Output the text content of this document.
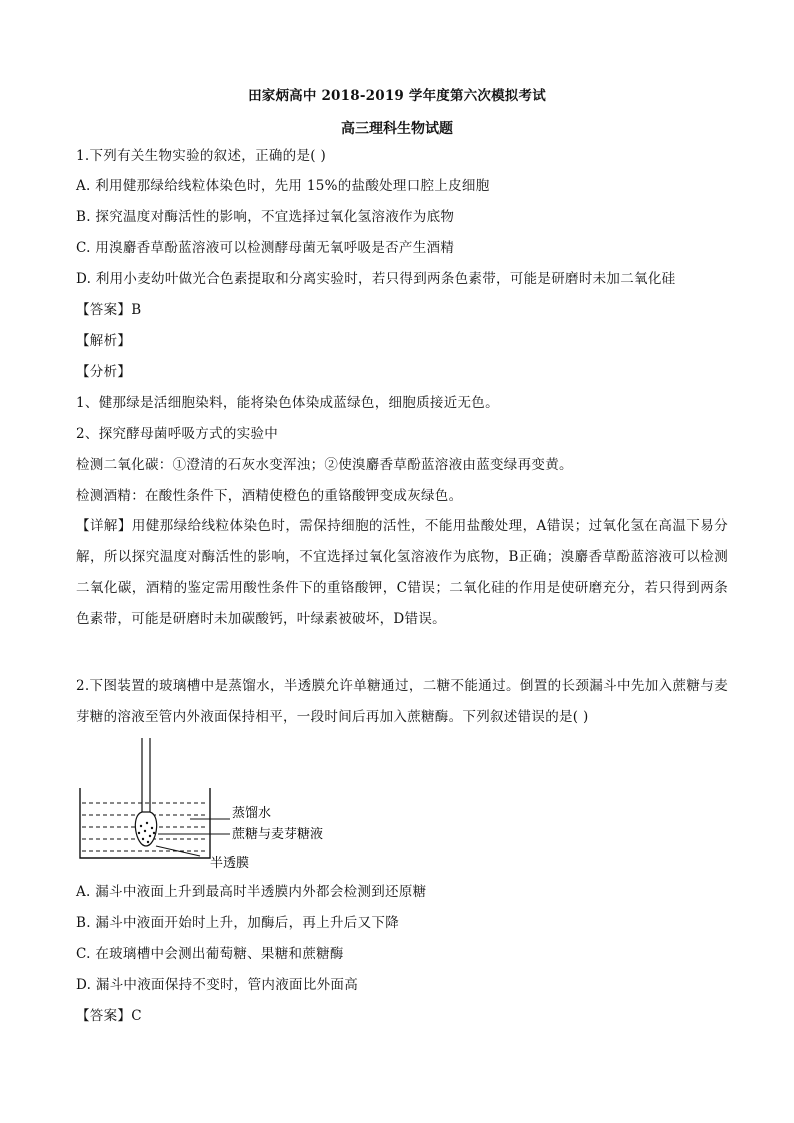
田家炳高中 2018-2019 学年度第六次模拟考试
高三理科生物试题
1.下列有关生物实验的叙述，正确的是( )
A. 利用健那绿给线粒体染色时，先用 15%的盐酸处理口腔上皮细胞
B. 探究温度对酶活性的影响，不宜选择过氧化氢溶液作为底物
C. 用溴麝香草酚蓝溶液可以检测酵母菌无氧呼吸是否产生酒精
D. 利用小麦幼叶做光合色素提取和分离实验时，若只得到两条色素带，可能是研磨时未加二氧化硅
【答案】B
【解析】
【分析】
1、健那绿是活细胞染料，能将染色体染成蓝绿色，细胞质接近无色。
2、探究酵母菌呼吸方式的实验中
检测二氧化碳：①澄清的石灰水变浑浊；②使溴麝香草酚蓝溶液由蓝变绿再变黄。
检测酒精：在酸性条件下，酒精使橙色的重铬酸钾变成灰绿色。
【详解】用健那绿给线粒体染色时，需保持细胞的活性，不能用盐酸处理，A错误；过氧化氢在高温下易分解，所以探究温度对酶活性的影响，不宜选择过氧化氢溶液作为底物，B正确；溴麝香草酚蓝溶液可以检测二氧化碳，酒精的鉴定需用酸性条件下的重铬酸钾，C错误；二氧化硅的作用是使研磨充分，若只得到两条色素带，可能是研磨时未加碳酸钙，叶绿素被破坏，D错误。
2.下图装置的玻璃槽中是蒸馏水，半透膜允许单糖通过，二糖不能通过。倒置的长颈漏斗中先加入蔗糖与麦芽糖的溶液至管内外液面保持相平，一段时间后再加入蔗糖酶。下列叙述错误的是( )
蒸馏水
蔗糖与麦芽糖液
半透膜
A. 漏斗中液面上升到最高时半透膜内外都会检测到还原糖
B. 漏斗中液面开始时上升，加酶后，再上升后又下降
C. 在玻璃槽中会测出葡萄糖、果糖和蔗糖酶
D. 漏斗中液面保持不变时，管内液面比外面高
【答案】C
